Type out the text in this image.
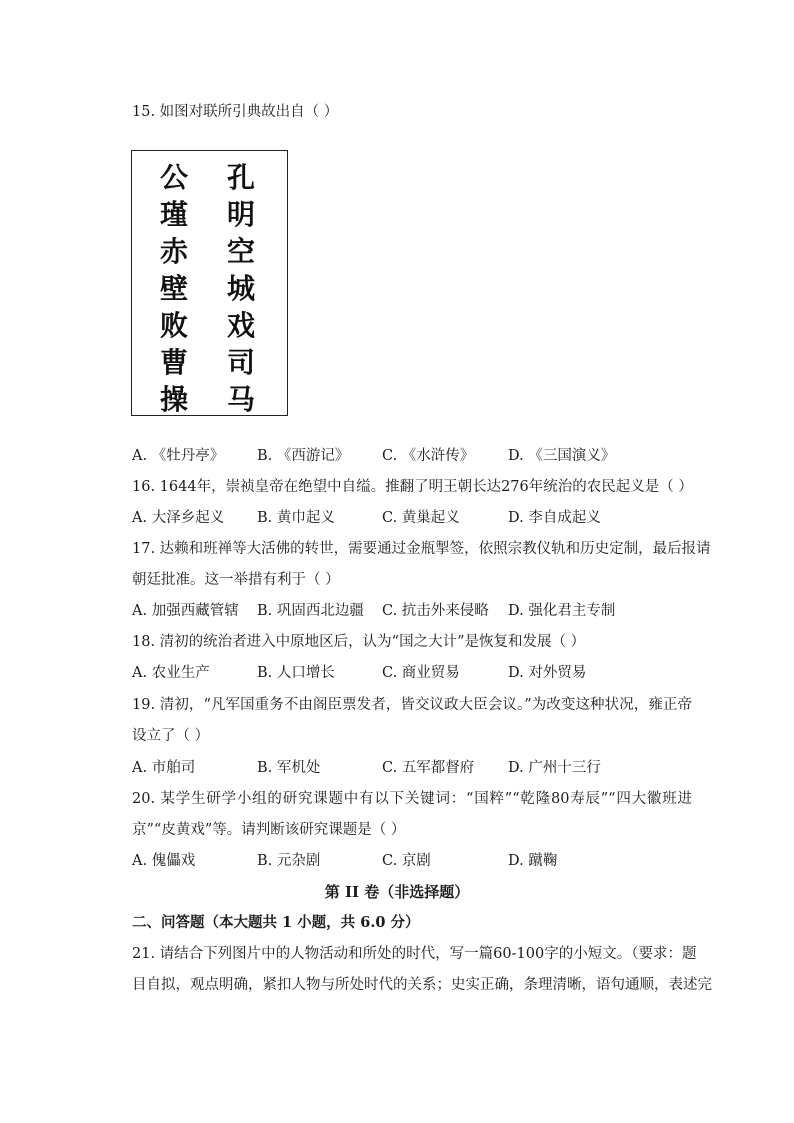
15. 如图对联所引典故出自（ ）
公
瑾
赤
壁
败
曹
操
孔
明
空
城
戏
司
马
A. 《牡丹亭》 B. 《西游记》 C. 《水浒传》 D. 《三国演义》
16. 1644年，崇祯皇帝在绝望中自缢。推翻了明王朝长达276年统治的农民起义是（ ）
A. 大泽乡起义 B. 黄巾起义	C. 黄巢起义	D. 李自成起义
17. 达赖和班禅等大活佛的转世，需要通过金瓶掣签，依照宗教仪轨和历史定制，最后报请
朝廷批准。这一举措有利于（ ）
A. 加强西藏管辖 B. 巩固西北边疆 C. 抗击外来侵略 D. 强化君主专制
18. 清初的统治者进入中原地区后，认为“国之大计”是恢复和发展（ ）
A. 农业生产	B. 人口增长	C. 商业贸易	D. 对外贸易
19. 清初，“凡军国重务不由阁臣票发者，皆交议政大臣会议。”为改变这种状况，雍正帝
设立了（ ）
A. 市舶司	B. 军机处	C. 五军都督府 D. 广州十三行
20. 某学生研学小组的研究课题中有以下关键词：“国粹”“乾隆80寿辰”“四大徽班进
京”“皮黄戏”等。请判断该研究课题是（ ）
A. 傀儡戏	B. 元杂剧	C. 京剧	D. 蹴鞠
第 II 卷（非选择题）
二、问答题（本大题共 1 小题，共 6.0 分）
21. 请结合下列图片中的人物活动和所处的时代，写一篇60-100字的小短文。（要求：题
目自拟，观点明确，紧扣人物与所处时代的关系；史实正确，条理清晰，语句通顺，表述完
